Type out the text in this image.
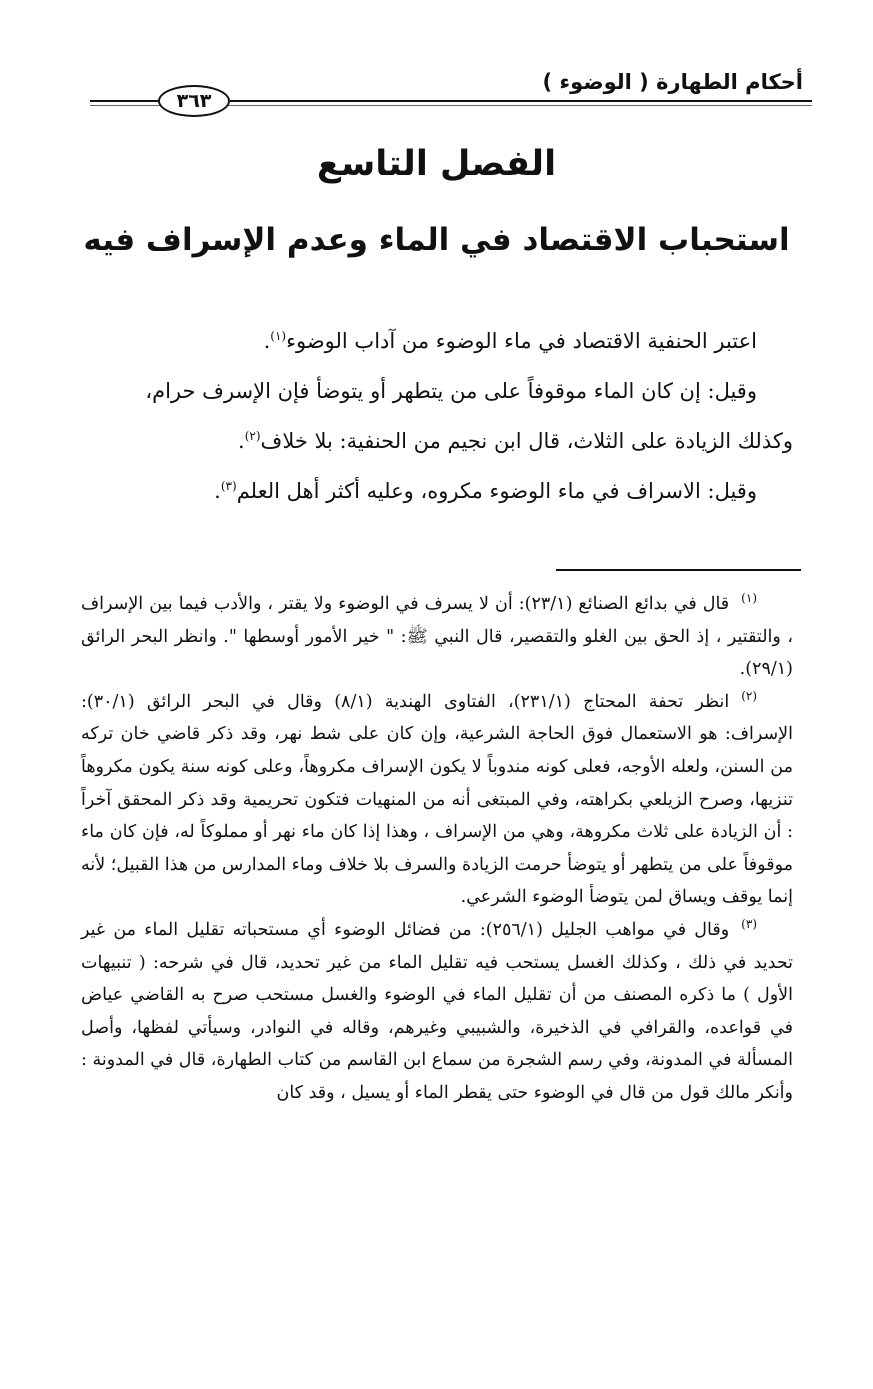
أحكام الطهارة ( الوضوء )
٣٦٣
الفصل التاسع
استحباب الاقتصاد في الماء وعدم الإسراف فيه

اعتبر الحنفية الاقتصاد في ماء الوضوء من آداب الوضوء$^{(١)}$.

وقيل: إن كان الماء موقوفاً على من يتطهر أو يتوضأ فإن الإسرف حرام،

وكذلك الزيادة على الثلاث، قال ابن نجيم من الحنفية: بلا خلاف$^{(٢)}$.

وقيل: الاسراف في ماء الوضوء مكروه، وعليه أكثر أهل العلم$^{(٣)}$.

$^{(١)}$قال في بدائع الصنائع (٢٣/١): أن لا يسرف في الوضوء ولا يقتر ، والأدب فيما بين الإسراف ، والتقتير ، إذ الحق بين الغلو والتقصير، قال النبي ﷺ: " خير الأمور أوسطها ". وانظر البحر الرائق (٢٩/١).

$^{(٢)}$انظر تحفة المحتاج (٢٣١/١)، الفتاوى الهندية (٨/١) وقال في البحر الرائق (٣٠/١): الإسراف: هو الاستعمال فوق الحاجة الشرعية، وإن كان على شط نهر، وقد ذكر قاضي خان تركه من السنن، ولعله الأوجه، فعلى كونه مندوباً لا يكون الإسراف مكروهاً، وعلى كونه سنة يكون مكروهاً تنزيها، وصرح الزيلعي بكراهته، وفي المبتغى أنه من المنهيات فتكون تحريمية وقد ذكر المحقق آخراً : أن الزيادة على ثلاث مكروهة، وهي من الإسراف ، وهذا إذا كان ماء نهر أو مملوكاً له، فإن كان ماء موقوفاً على من يتطهر أو يتوضأ حرمت الزيادة والسرف بلا خلاف وماء المدارس من هذا القبيل؛ لأنه إنما يوقف ويساق لمن يتوضأ الوضوء الشرعي.

$^{(٣)}$وقال في مواهب الجليل (٢٥٦/١): من فضائل الوضوء أي مستحباته تقليل الماء من غير تحديد في ذلك ، وكذلك الغسل يستحب فيه تقليل الماء من غير تحديد، قال في شرحه: ( تنبيهات الأول ) ما ذكره المصنف من أن تقليل الماء في الوضوء والغسل مستحب صرح به القاضي عياض في قواعده، والقرافي في الذخيرة، والشبيبي وغيرهم، وقاله في النوادر، وسيأتي لفظها، وأصل المسألة في المدونة، وفي رسم الشجرة من سماع ابن القاسم من كتاب الطهارة، قال في المدونة : وأنكر مالك قول من قال في الوضوء حتى يقطر الماء أو يسيل ، وقد كان
